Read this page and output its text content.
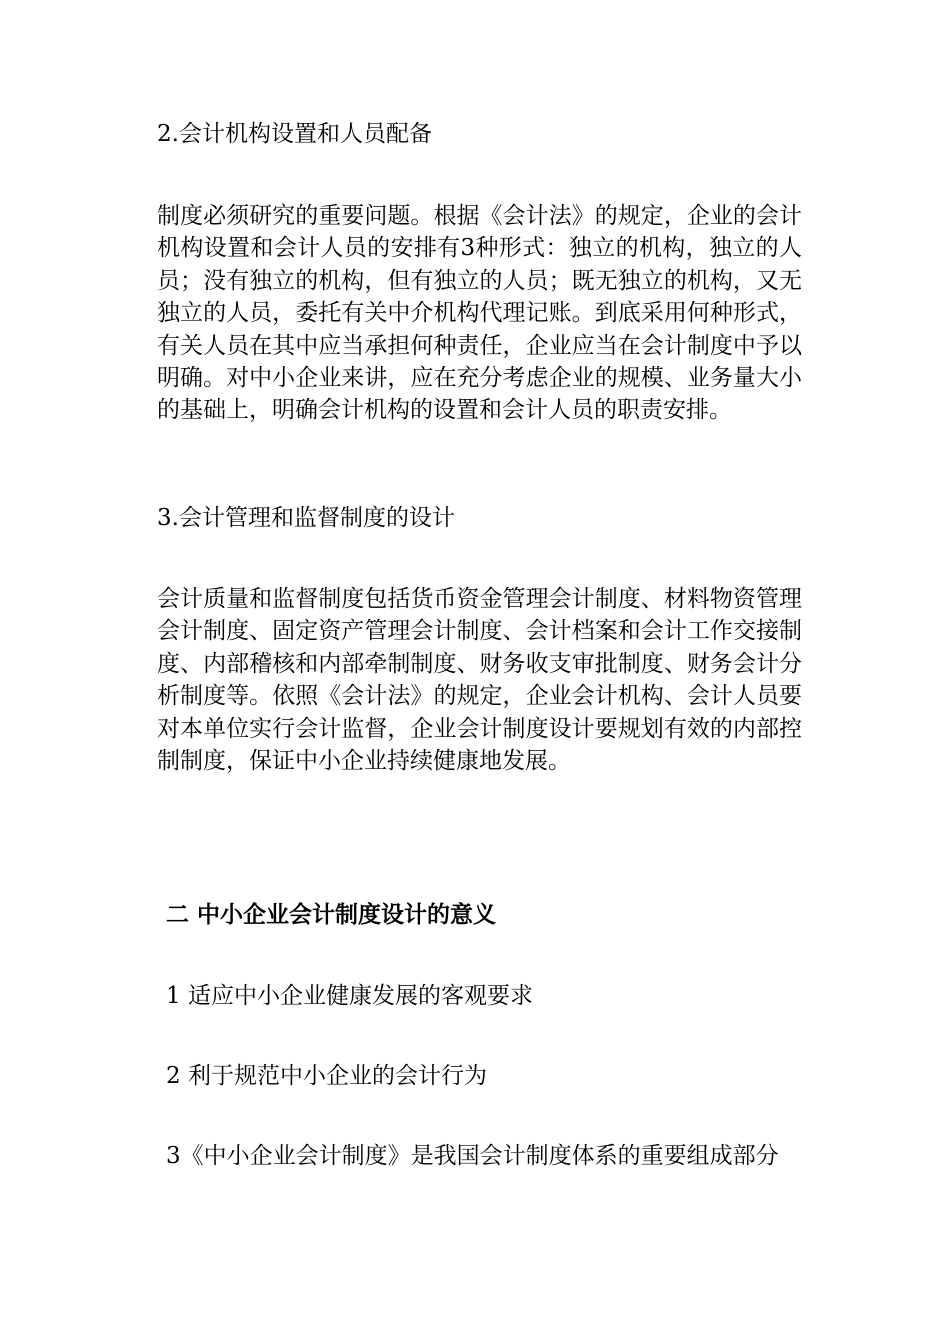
2.会计机构设置和人员配备

制度必须研究的重要问题。根据《会计法》的规定，企业的会计机构设置和会计人员的安排有3种形式：独立的机构，独立的人员；没有独立的机构，但有独立的人员；既无独立的机构，又无独立的人员，委托有关中介机构代理记账。到底采用何种形式，有关人员在其中应当承担何种责任，企业应当在会计制度中予以明确。对中小企业来讲，应在充分考虑企业的规模、业务量大小的基础上，明确会计机构的设置和会计人员的职责安排。

3.会计管理和监督制度的设计

会计质量和监督制度包括货币资金管理会计制度、材料物资管理会计制度、固定资产管理会计制度、会计档案和会计工作交接制度、内部稽核和内部牵制制度、财务收支审批制度、财务会计分析制度等。依照《会计法》的规定，企业会计机构、会计人员要对本单位实行会计监督，企业会计制度设计要规划有效的内部控制制度，保证中小企业持续健康地发展。

二 中小企业会计制度设计的意义

1 适应中小企业健康发展的客观要求

2 利于规范中小企业的会计行为

3《中小企业会计制度》是我国会计制度体系的重要组成部分
